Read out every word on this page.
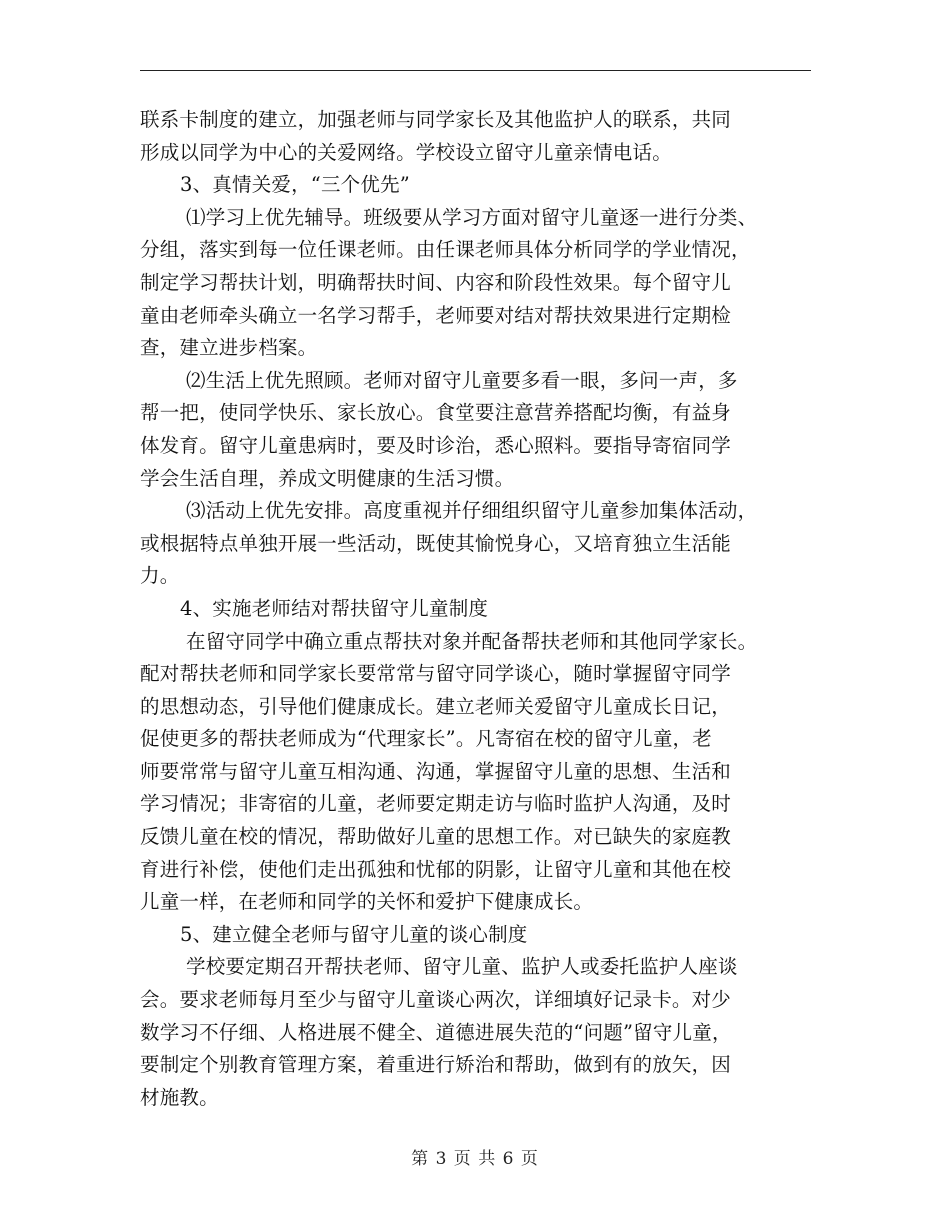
联系卡制度的建立，加强老师与同学家长及其他监护人的联系，共同
形成以同学为中心的关爱网络。学校设立留守儿童亲情电话。
3、真情关爱，“三个优先”
⑴学习上优先辅导。班级要从学习方面对留守儿童逐一进行分类、
分组，落实到每一位任课老师。由任课老师具体分析同学的学业情况，
制定学习帮扶计划，明确帮扶时间、内容和阶段性效果。每个留守儿
童由老师牵头确立一名学习帮手，老师要对结对帮扶效果进行定期检
查，建立进步档案。
⑵生活上优先照顾。老师对留守儿童要多看一眼，多问一声，多
帮一把，使同学快乐、家长放心。食堂要注意营养搭配均衡，有益身
体发育。留守儿童患病时，要及时诊治，悉心照料。要指导寄宿同学
学会生活自理，养成文明健康的生活习惯。
⑶活动上优先安排。高度重视并仔细组织留守儿童参加集体活动，
或根据特点单独开展一些活动，既使其愉悦身心，又培育独立生活能
力。
4、实施老师结对帮扶留守儿童制度
在留守同学中确立重点帮扶对象并配备帮扶老师和其他同学家长。
配对帮扶老师和同学家长要常常与留守同学谈心，随时掌握留守同学
的思想动态，引导他们健康成长。建立老师关爱留守儿童成长日记，
促使更多的帮扶老师成为“代理家长”。凡寄宿在校的留守儿童，老
师要常常与留守儿童互相沟通、沟通，掌握留守儿童的思想、生活和
学习情况；非寄宿的儿童，老师要定期走访与临时监护人沟通，及时
反馈儿童在校的情况，帮助做好儿童的思想工作。对已缺失的家庭教
育进行补偿，使他们走出孤独和忧郁的阴影，让留守儿童和其他在校
儿童一样，在老师和同学的关怀和爱护下健康成长。
5、建立健全老师与留守儿童的谈心制度
学校要定期召开帮扶老师、留守儿童、监护人或委托监护人座谈
会。要求老师每月至少与留守儿童谈心两次，详细填好记录卡。对少
数学习不仔细、人格进展不健全、道德进展失范的“问题”留守儿童，
要制定个别教育管理方案，着重进行矫治和帮助，做到有的放矢，因
材施教。
第 3 页 共 6 页
